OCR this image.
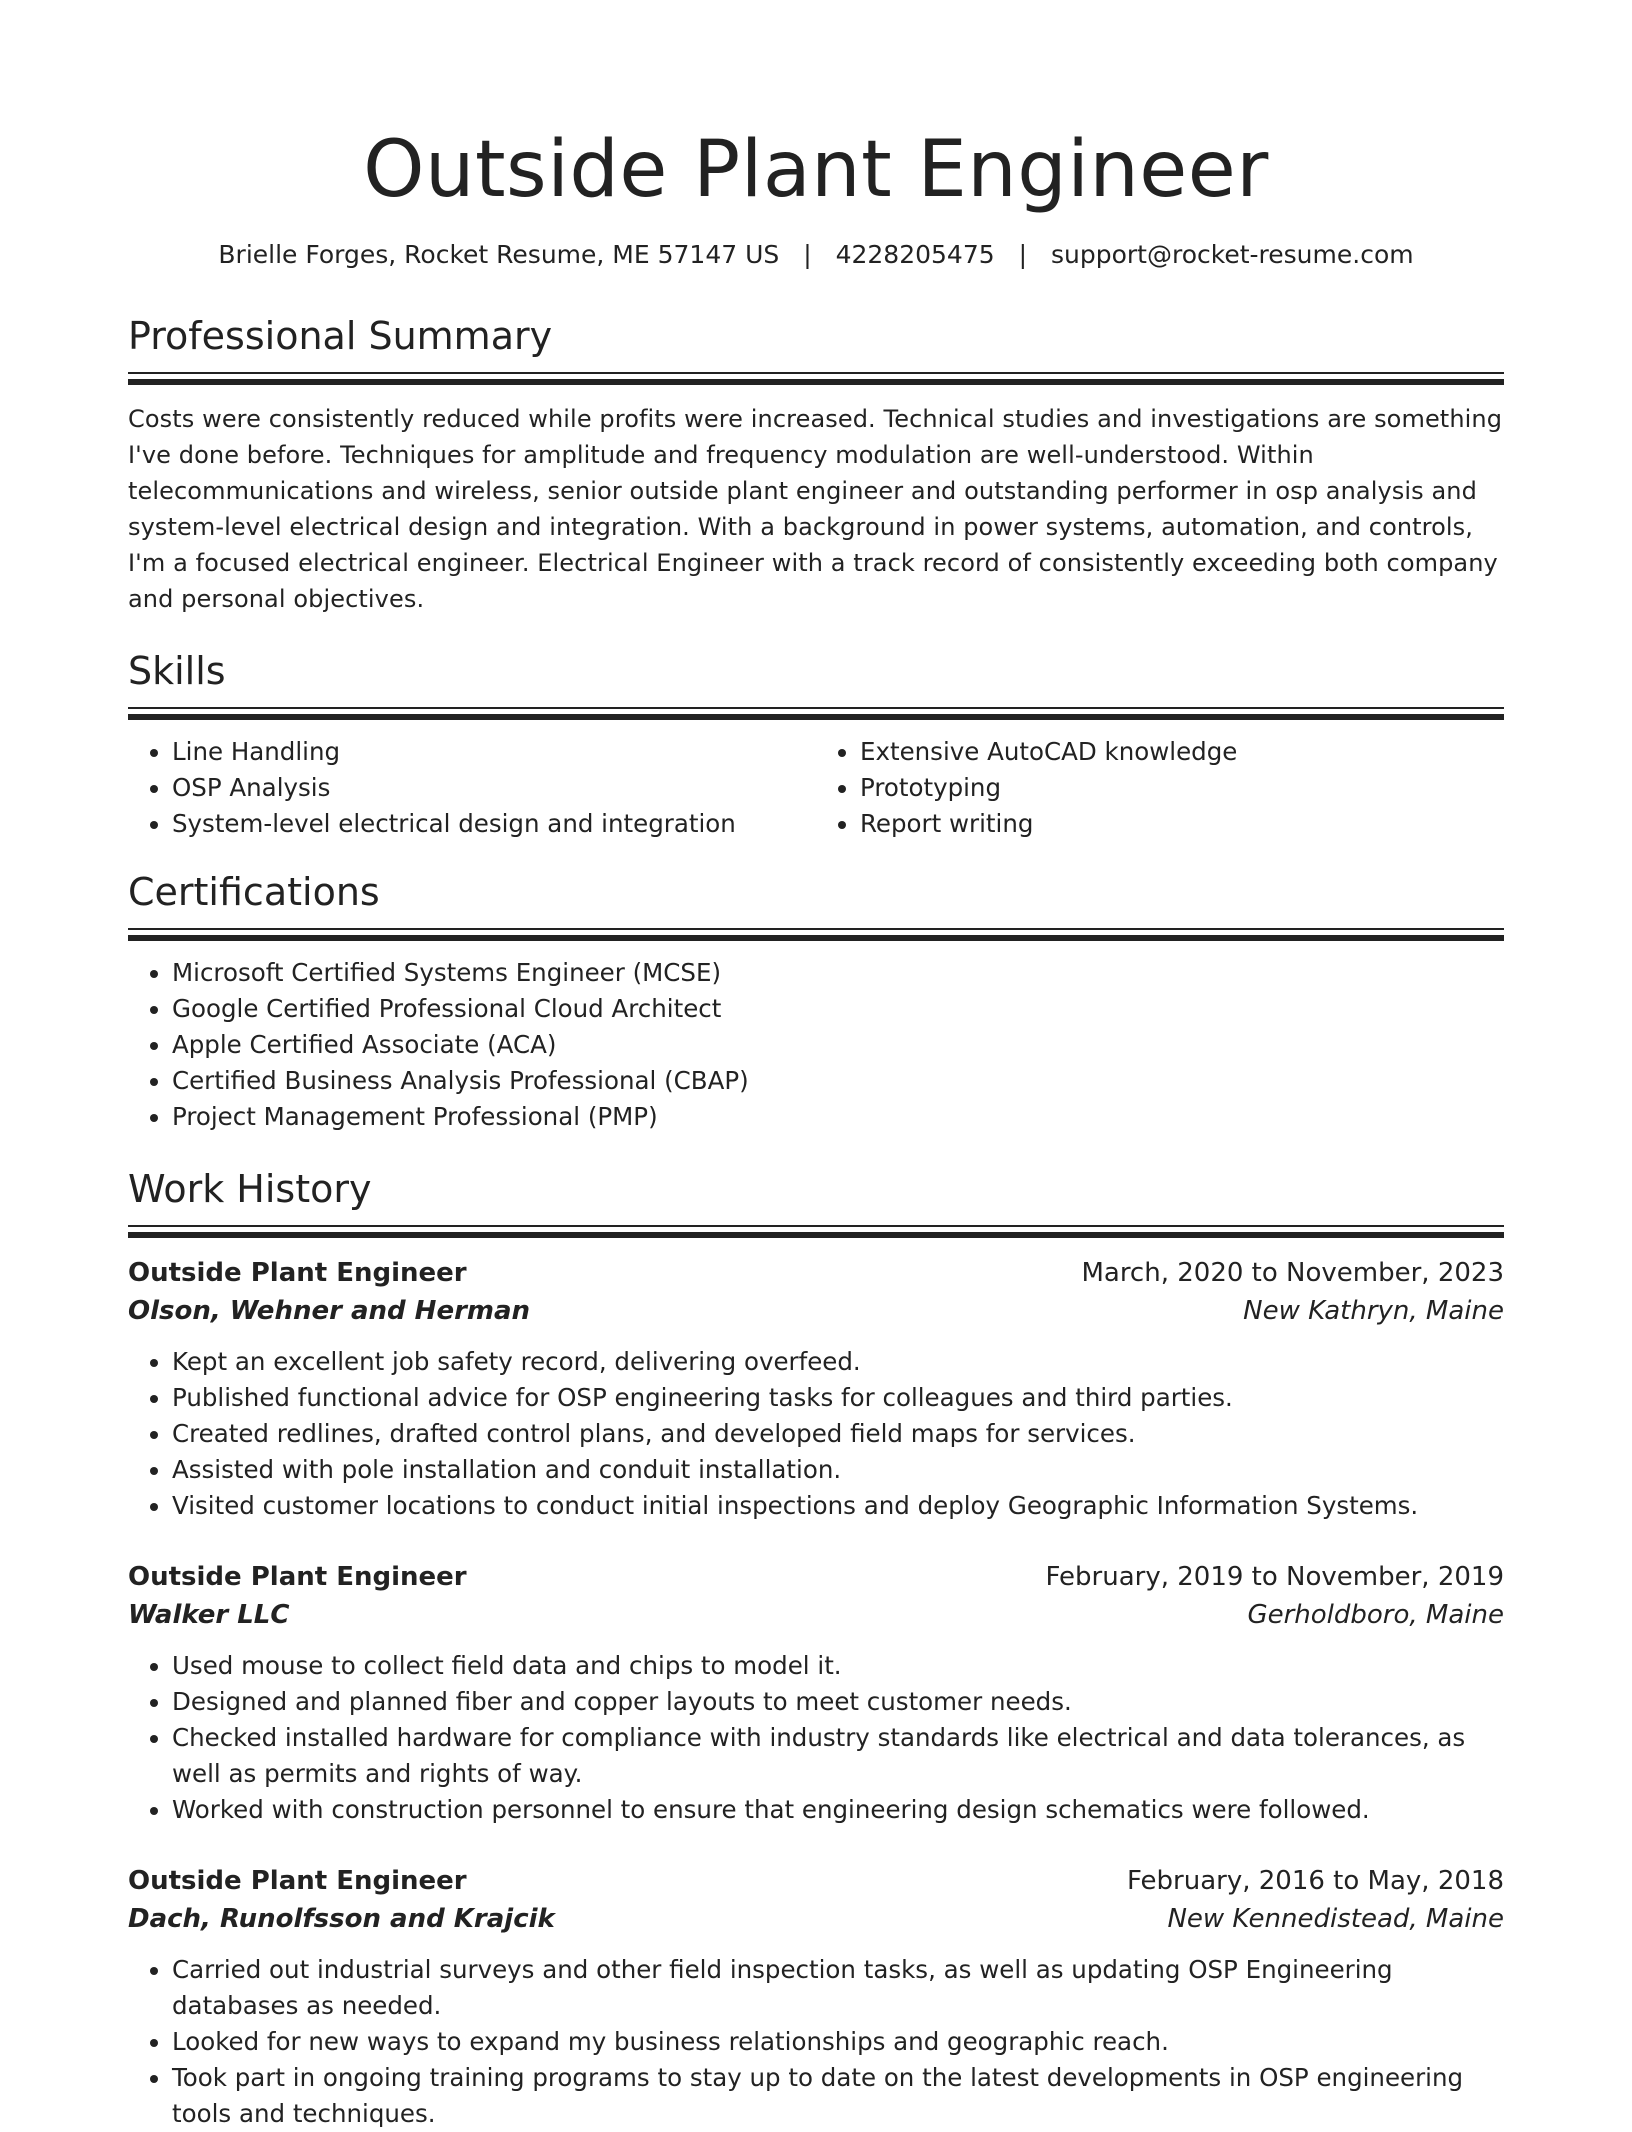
Outside Plant Engineer
Brielle Forges, Rocket Resume, ME 57147 US | 4228205475 | support@rocket-resume.com
Professional Summary

Costs were consistently reduced while profits were increased. Technical studies and investigations are something I've done before. Techniques for amplitude and frequency modulation are well-understood. Within telecommunications and wireless, senior outside plant engineer and outstanding performer in osp analysis and system-level electrical design and integration. With a background in power systems, automation, and controls, I'm a focused electrical engineer. Electrical Engineer with a track record of consistently exceeding both company and personal objectives.

Skills
• Line Handling
• OSP Analysis
• System-level electrical design and integration
• Extensive AutoCAD knowledge
• Prototyping
• Report writing
Certifications
• Microsoft Certified Systems Engineer (MCSE)
• Google Certified Professional Cloud Architect
• Apple Certified Associate (ACA)
• Certified Business Analysis Professional (CBAP)
• Project Management Professional (PMP)
Work History
Outside Plant Engineer	March, 2020 to November, 2023
Olson, Wehner and Herman	New Kathryn, Maine
• Kept an excellent job safety record, delivering overfeed.
• Published functional advice for OSP engineering tasks for colleagues and third parties.
• Created redlines, drafted control plans, and developed field maps for services.
• Assisted with pole installation and conduit installation.
• Visited customer locations to conduct initial inspections and deploy Geographic Information Systems.
Outside Plant Engineer	February, 2019 to November, 2019
Walker LLC	Gerholdboro, Maine
• Used mouse to collect field data and chips to model it.
• Designed and planned fiber and copper layouts to meet customer needs.
• Checked installed hardware for compliance with industry standards like electrical and data tolerances, as well as permits and rights of way.
• Worked with construction personnel to ensure that engineering design schematics were followed.
Outside Plant Engineer	February, 2016 to May, 2018
Dach, Runolfsson and Krajcik	New Kennedistead, Maine
• Carried out industrial surveys and other field inspection tasks, as well as updating OSP Engineering databases as needed.
• Looked for new ways to expand my business relationships and geographic reach.
• Took part in ongoing training programs to stay up to date on the latest developments in OSP engineering tools and techniques.
